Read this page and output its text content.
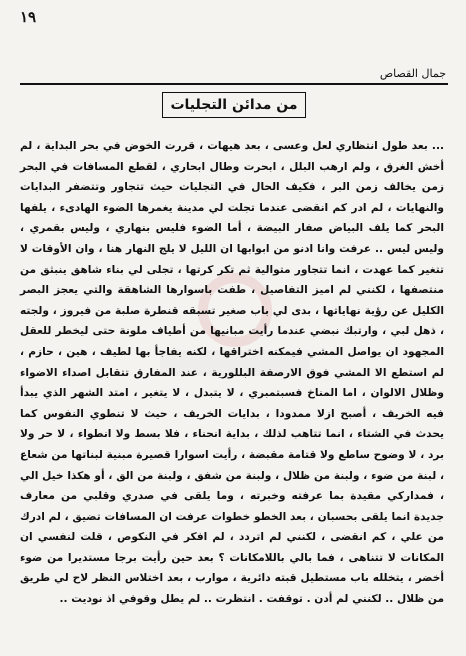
١٩
جمال القصاص
من مدائن التجليات
... بعد طول انتظاري لعل وعسى ، بعد هيهات ، قررت الخوض في بحر البداية ، لم أخش الغرق ، ولم ارهب البلل ، ابحرت وطال ابحاري ، لقطع المسافات في البحر زمن يخالف زمن البر ، فكيف الحال في التجليات حيث تتجاور وتتضفر البدايات والنهايات ، لم ادر كم انقضى عندما تجلت لي مدينة يغمرها الضوء الهادىء ، يلفها البحر كما يلف البياض صفار البيضة ، أما الضوء فليس بنهاري ، وليس بقمري ، وليس ليس .. عرفت وانا ادنو من ابوابها ان الليل لا يلج النهار هنا ، وان الأوقات لا تتغير كما عهدت ، انما تتجاور متوالية ثم تكر كرتها ، تجلى لي بناء شاهق ينبثق من منتصفها ، لكنني لم اميز التفاصيل ، طفت باسوارها الشاهقة والتي يعجز البصر الكليل عن رؤية نهاياتها ، بدى لي باب صغير تسبقه قنطرة صلبة من فيروز ، ولجته ، ذهل لبي ، وارتبك نبضي عندما رأيت مبانيها من أطياف ملونة حتى ليخطر للعقل المجهود ان يواصل المشي فيمكنه اختراقها ، لكنه يفاجأ بها لطيف ، هين ، حازم ، لم استطع الا المشي فوق الارصفة البللورية ، عند المفارق تتقابل اصداء الاضواء وظلال الالوان ، اما المناخ فسبتمبري ، لا يتبدل ، لا يتغير ، امتد الشهر الذي يبدأ فيه الخريف ، أصبح ازلا ممدودا ، بدايات الخريف ، حيث لا تنطوي النفوس كما يحدث في الشتاء ، انما تتاهب لذلك ، بداية انحناء ، فلا بسط ولا انطواء ، لا حر ولا برد ، لا وضوح ساطع ولا قتامة مقبضة ، رأيت اسوارا قصيرة مبنية لبناتها من شعاع ، لبنة من ضوء ، ولبنة من ظلال ، ولبنة من شفق ، ولبنة من الق ، أو هكذا خيل الي ، فمداركي مقيدة بما عرفته وخبرته ، وما يلقى في صدري وقلبي من معارف جديدة انما يلقى بحسبان ، بعد الخطو خطوات عرفت ان المسافات تضيق ، لم ادرك من علي ، كم انقضى ، لكنني لم اتردد ، لم افكر في النكوص ، قلت لنفسي ان المكانات لا تتناهى ، فما بالي باللامكانات ؟ بعد حين رأيت برجا مستديرا من ضوء أخضر ، يتخلله باب مستطيل قبته دائرية ، موارب ، بعد اختلاس النظر لاح لي طريق من ظلال .. لكنني لم أدن . توقفت . انتظرت .. لم يطل وقوفي اذ نوديت ..
